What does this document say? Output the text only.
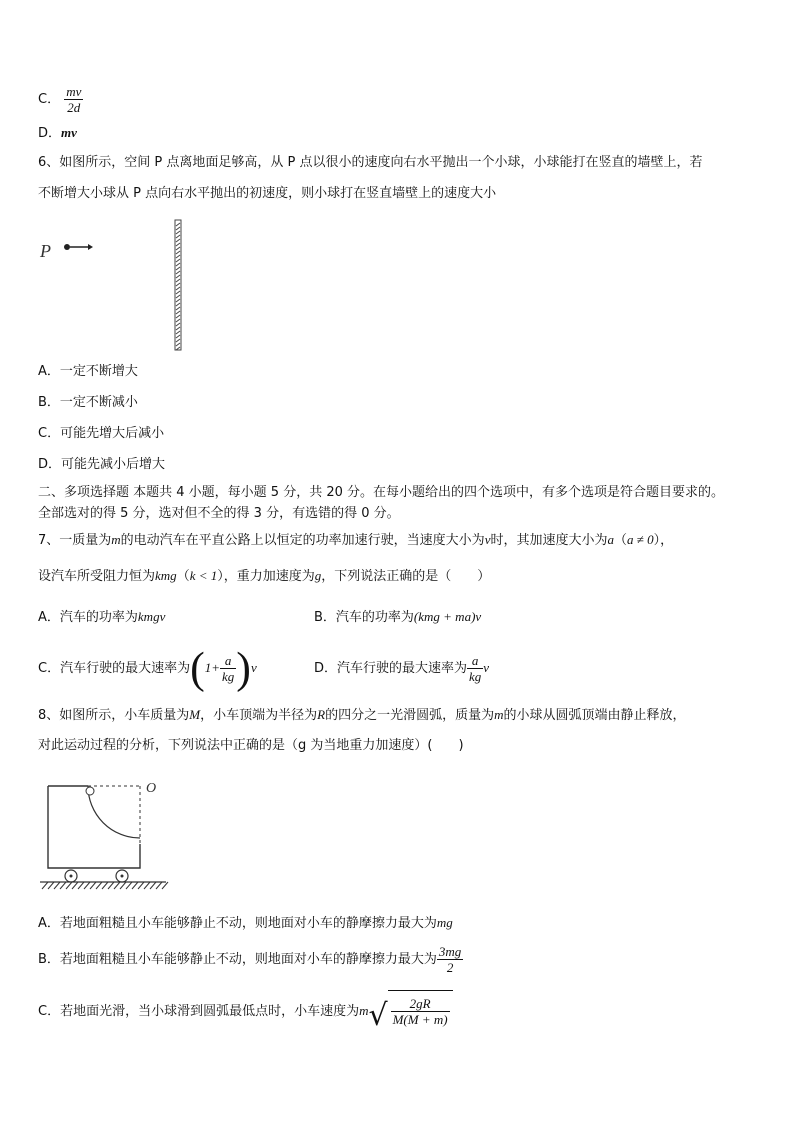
C． $\frac{mv}{2d}$
D．mv
6、如图所示，空间 P 点离地面足够高，从 P 点以很小的速度向右水平抛出一个小球，小球能打在竖直的墙壁上，若
不断增大小球从 P 点向右水平抛出的初速度，则小球打在竖直墙壁上的速度大小
P
A．一定不断增大
B．一定不断减小
C．可能先增大后减小
D．可能先减小后增大
二、多项选择题 本题共 4 小题，每小题 5 分，共 20 分。在每小题给出的四个选项中，有多个选项是符合题目要求的。
全部选对的得 5 分，选对但不全的得 3 分，有选错的得 0 分。
7、一质量为m的电动汽车在平直公路上以恒定的功率加速行驶，当速度大小为v时，其加速度大小为a（a ≠ 0），
设汽车所受阻力恒为kmg（k < 1），重力加速度为g，下列说法正确的是（　　）
A．汽车的功率为kmgv	B．汽车的功率为(kmg + ma)v
C．汽车行驶的最大速率为$(1+ \frac{a}{kg} )v$	D．汽车行驶的最大速率为 $\frac{a}{kg}$ v
8、如图所示，小车质量为M，小车顶端为半径为R的四分之一光滑圆弧，质量为m的小球从圆弧顶端由静止释放，
对此运动过程的分析，下列说法中正确的是（g 为当地重力加速度）(　　)
O
A．若地面粗糙且小车能够静止不动，则地面对小车的静摩擦力最大为mg
B．若地面粗糙且小车能够静止不动，则地面对小车的静摩擦力最大为 $\frac{3mg}{2}$
C．若地面光滑，当小球滑到圆弧最低点时，小车速度为m √ $\frac{2gR}{M(M + m)}$
